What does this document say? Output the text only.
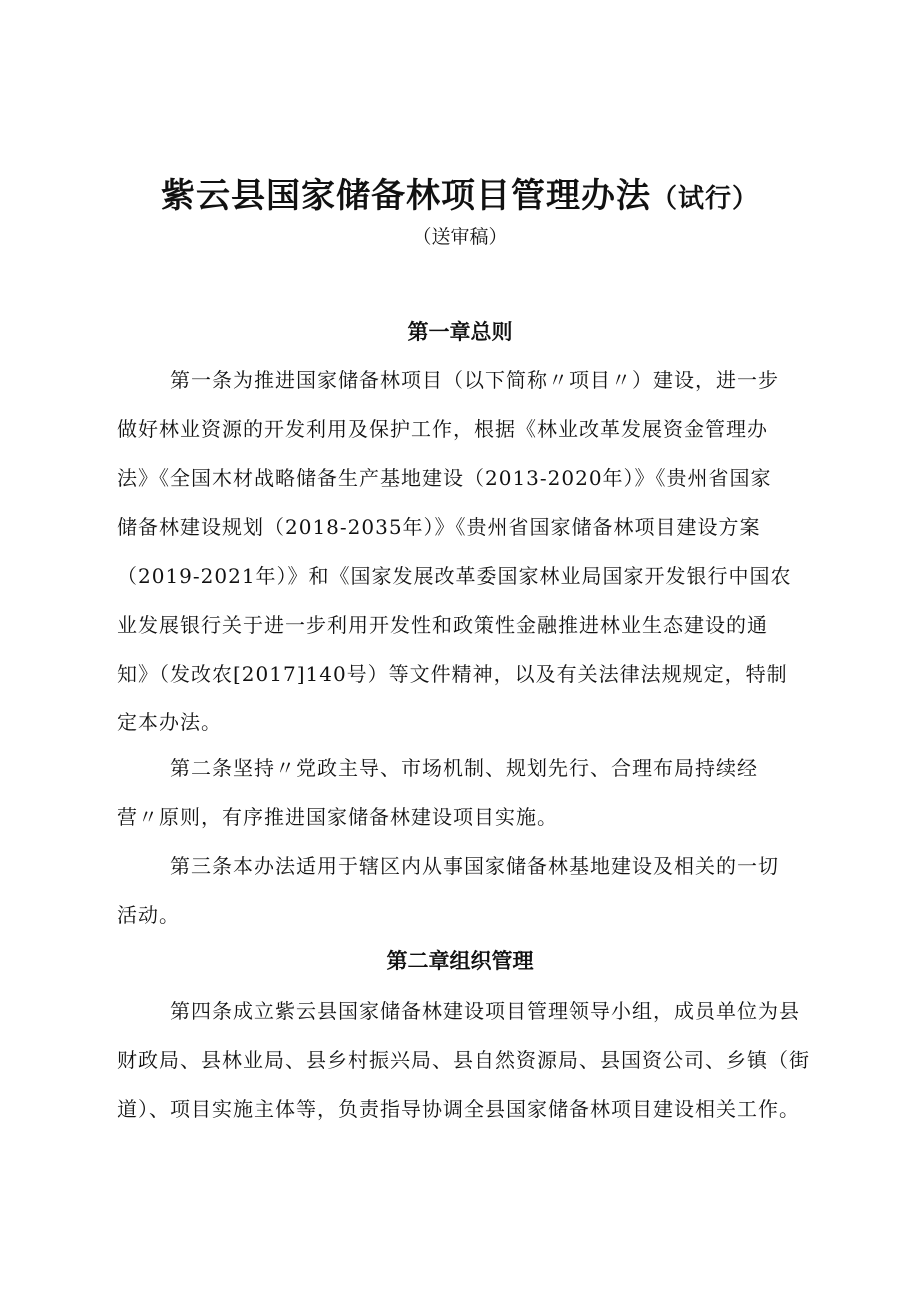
紫云县国家储备林项目管理办法（试行）
（送审稿）
第一章总则
第一条为推进国家储备林项目（以下简称〃项目〃）建设，进一步
做好林业资源的开发利用及保护工作，根据《林业改革发展资金管理办
法》《全国木材战略储备生产基地建设（2013-2020年）》《贵州省国家
储备林建设规划（2018-2035年）》《贵州省国家储备林项目建设方案
（2019-2021年）》和《国家发展改革委国家林业局国家开发银行中国农
业发展银行关于进一步利用开发性和政策性金融推进林业生态建设的通
知》（发改农[2017]140号）等文件精神，以及有关法律法规规定，特制
定本办法。
第二条坚持〃党政主导、市场机制、规划先行、合理布局持续经
营〃原则，有序推进国家储备林建设项目实施。
第三条本办法适用于辖区内从事国家储备林基地建设及相关的一切
活动。
第二章组织管理
第四条成立紫云县国家储备林建设项目管理领导小组，成员单位为县
财政局、县林业局、县乡村振兴局、县自然资源局、县国资公司、乡镇（街
道）、项目实施主体等，负责指导协调全县国家储备林项目建设相关工作。
